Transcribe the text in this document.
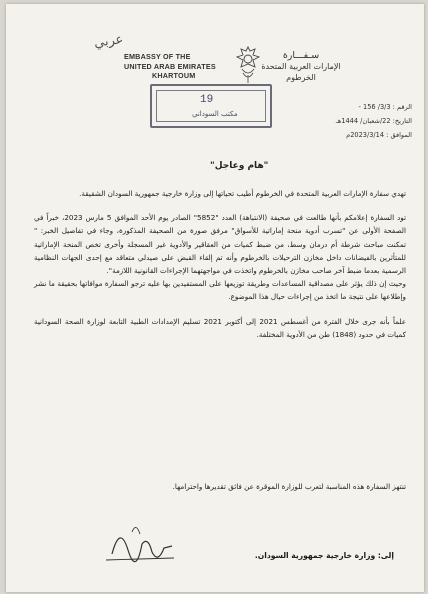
عربي
EMBASSY OF THE
UNITED ARAB EMIRATES
KHARTOUM
سـفـــارة
الإمارات العربية المتحدة
الخرطوم
19
مكتب السوداني
الرقم : 3/3/ 156 -
التاريخ: 22/شعبان/ 1444هـ
الموافق : 2023/3/14م
"هام وعاجل"

تهدي سفارة الإمارات العربية المتحدة في الخرطوم أطيب تحياتها إلى وزارة خارجية جمهورية السودان الشقيقة.

تود السفارة إعلامكم بأنها طالعت في صحيفة (الانتباهة) العدد "5852" الصادر يوم الأحد الموافق 5 مارس 2023، خبراً في الصفحة الأولى عن "تسرب أدوية منحة إماراتية للأسواق" مرفق صورة من الصحيفة المذكورة، وجاء في تفاصيل الخبر: " تمكنت مباحث شرطة أم درمان وسط، من ضبط كميات من العقاقير والأدوية غير المسجلة وأخرى تخص المنحة الإماراتية للمتأثرين بالفيضانات داخل مخازن الترحيلات بالخرطوم وأنه تم إلقاء القبض على صيدلي متعاقد مع إحدى الجهات النظامية الرسمية بعدما ضبط آخر صاحب مخازن بالخرطوم واتخذت في مواجهتهما الإجراءات القانونية اللازمة".

وحيث إن ذلك يؤثر على مصداقية المساعدات وطريقة توزيعها على المستفيدين بها عليه ترجو السفارة موافاتها بحقيقة ما نشر وإطلاعها على نتيجة ما اتخذ من إجراءات حيال هذا الموضوع.

علماً بأنه جرى خلال الفترة من أغسطس 2021 إلى أكتوبر 2021 تسليم الإمدادات الطبية التابعة لوزارة الصحة السودانية كميات في حدود (1848) طن من الأدوية المختلفة.

تنتهز السفارة هذه المناسبة لتعرب للوزارة الموقرة عن فائق تقديرها واحترامها.
إلى: وزارة خارجية جمهورية السودان.
